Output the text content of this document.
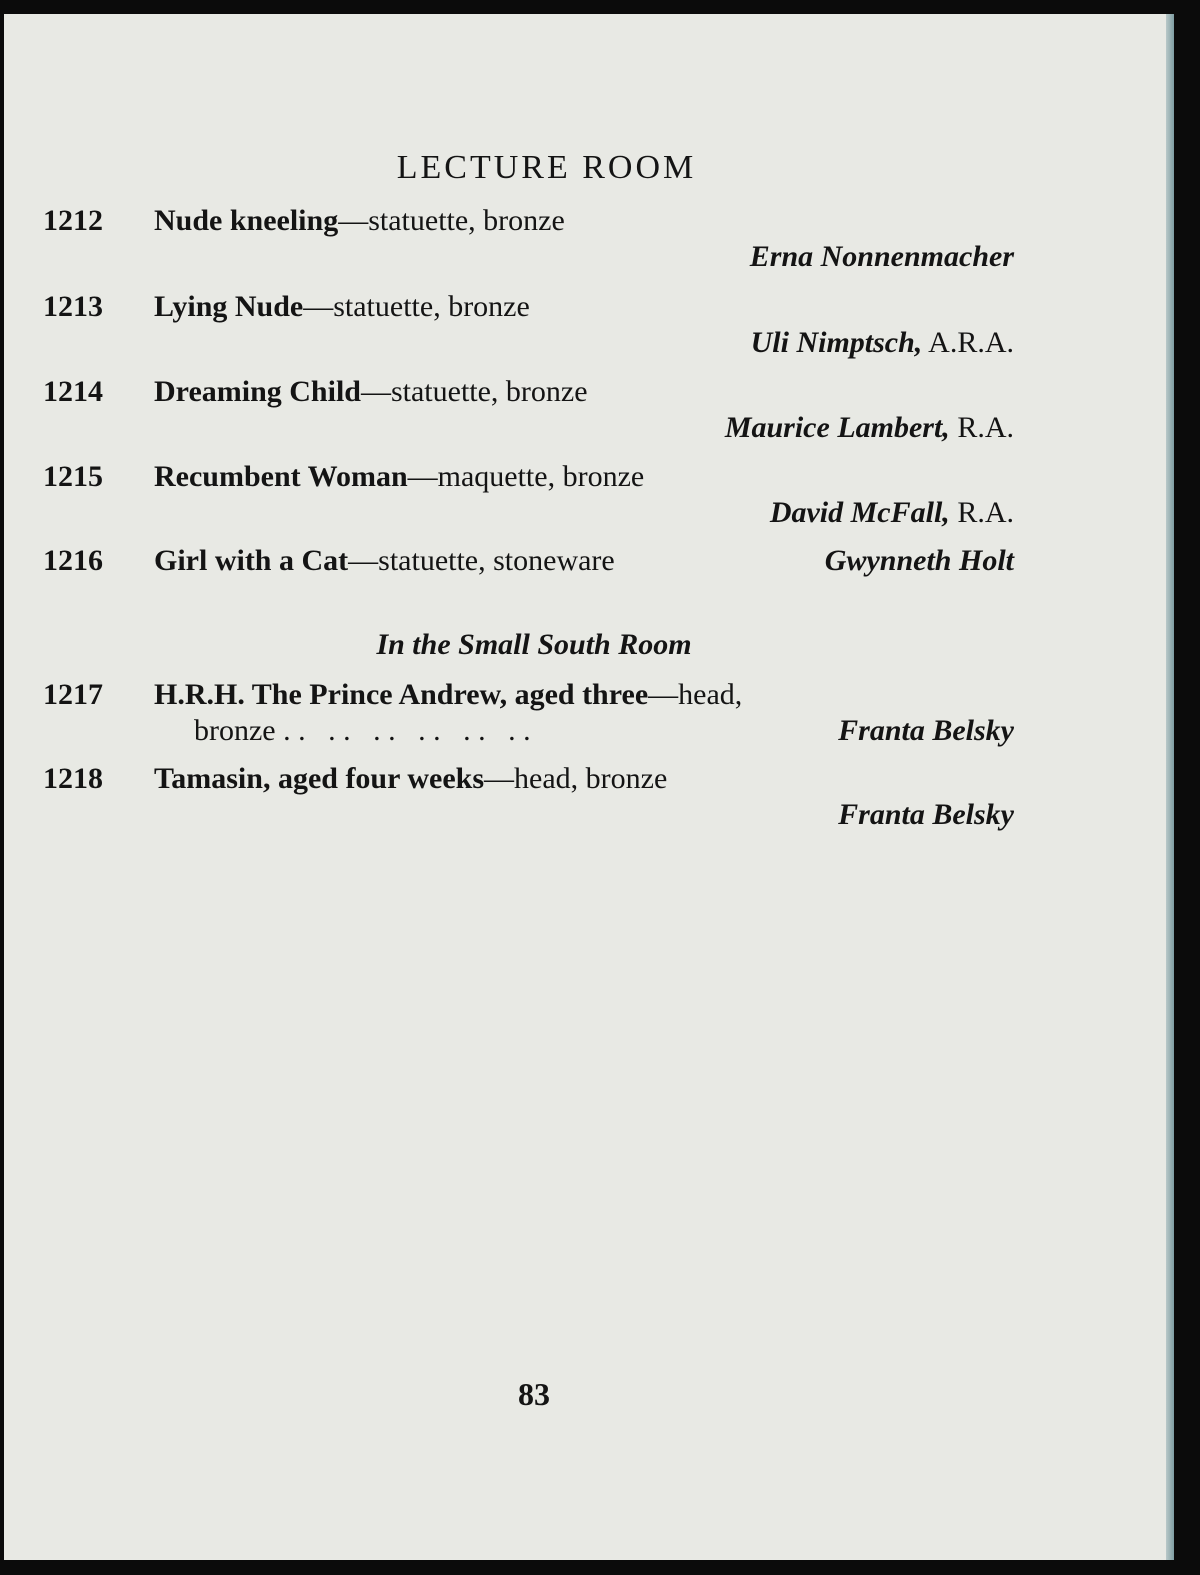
LECTURE ROOM
1212 Nude kneeling—statuette, bronze
Erna Nonnenmacher
1213 Lying Nude—statuette, bronze
Uli Nimptsch, A.R.A.
1214 Dreaming Child—statuette, bronze
Maurice Lambert, R.A.
1215 Recumbent Woman—maquette, bronze
David McFall, R.A.
1216 Girl with a Cat—statuette, stoneware	Gwynneth Holt
In the Small South Room
1217 H.R.H. The Prince Andrew, aged three—head,
bronze . .   . .   . .   . .   . .   . .	Franta Belsky
1218 Tamasin, aged four weeks—head, bronze
Franta Belsky
83
